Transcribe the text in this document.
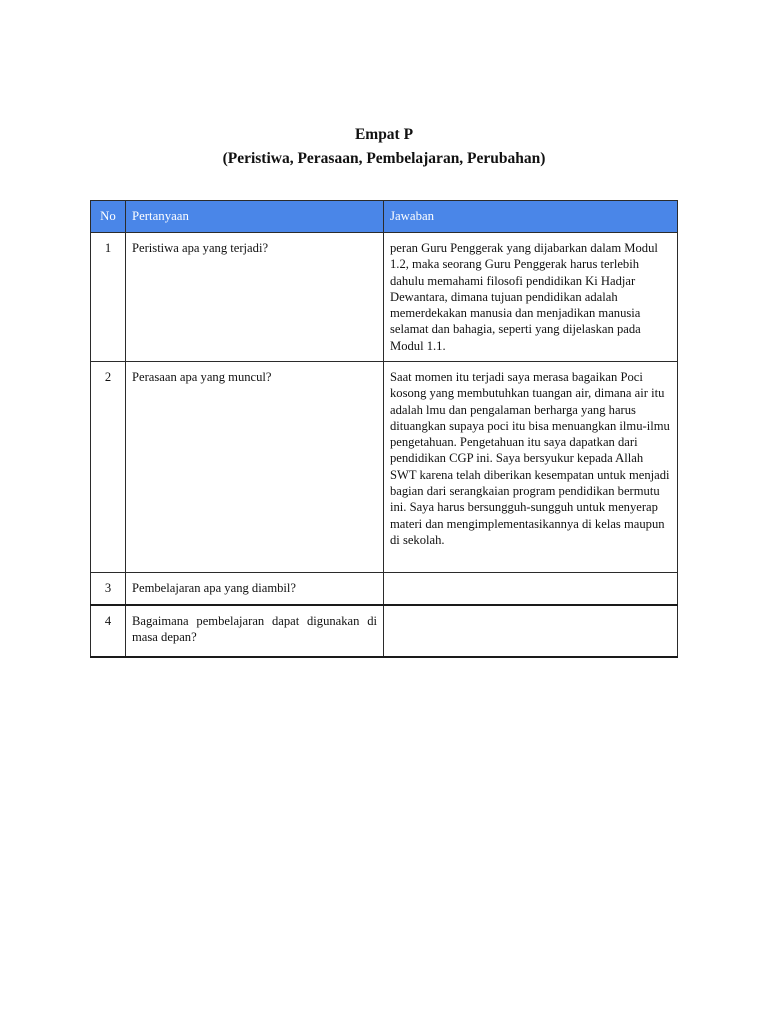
Empat P
(Peristiwa, Perasaan, Pembelajaran, Perubahan)
No	Pertanyaan	Jawaban
1	Peristiwa apa yang terjadi?	peran Guru Penggerak yang dijabarkan dalam Modul 1.2, maka seorang Guru Penggerak harus terlebih dahulu memahami filosofi pendidikan Ki Hadjar Dewantara, dimana tujuan pendidikan adalah memerdekakan manusia dan menjadikan manusia selamat dan bahagia, seperti yang dijelaskan pada Modul 1.1.
2	Perasaan apa yang muncul?	Saat momen itu terjadi saya merasa bagaikan Poci kosong yang membutuhkan tuangan air, dimana air itu adalah lmu dan pengalaman berharga yang harus dituangkan supaya poci itu bisa menuangkan ilmu-ilmu pengetahuan. Pengetahuan itu saya dapatkan dari pendidikan CGP ini. Saya bersyukur kepada Allah SWT karena telah diberikan kesempatan untuk menjadi bagian dari serangkaian program pendidikan bermutu ini. Saya harus bersungguh-sungguh untuk menyerap materi dan mengimplementasikannya di kelas maupun di sekolah.
3	Pembelajaran apa yang diambil?	
4	Bagaimana pembelajaran dapat digunakan di masa depan?	
